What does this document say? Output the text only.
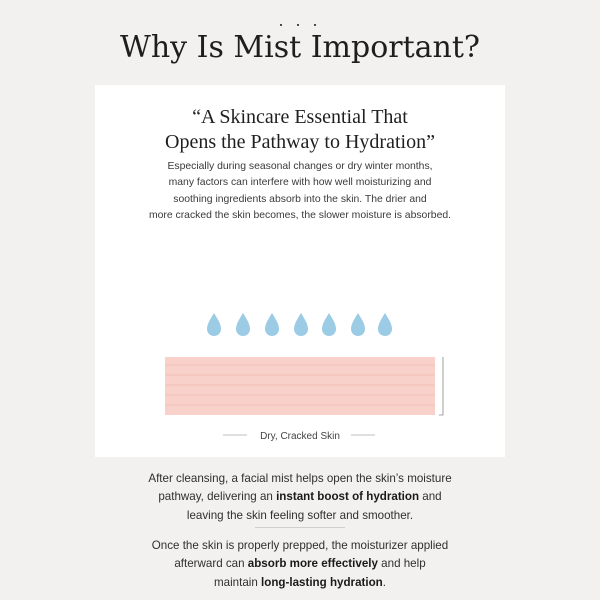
. . .
Why Is Mist Important?
“A Skincare Essential That
Opens the Pathway to Hydration”
Especially during seasonal changes or dry winter months,
many factors can interfere with how well moisturizing and
soothing ingredients absorb into the skin. The drier and
more cracked the skin becomes, the slower moisture is absorbed.
Dry, Cracked Skin
After cleansing, a facial mist helps open the skin’s moisture
pathway, delivering an instant boost of hydration and
leaving the skin feeling softer and smoother.
Once the skin is properly prepped, the moisturizer applied
afterward can absorb more effectively and help
maintain long-lasting hydration.
